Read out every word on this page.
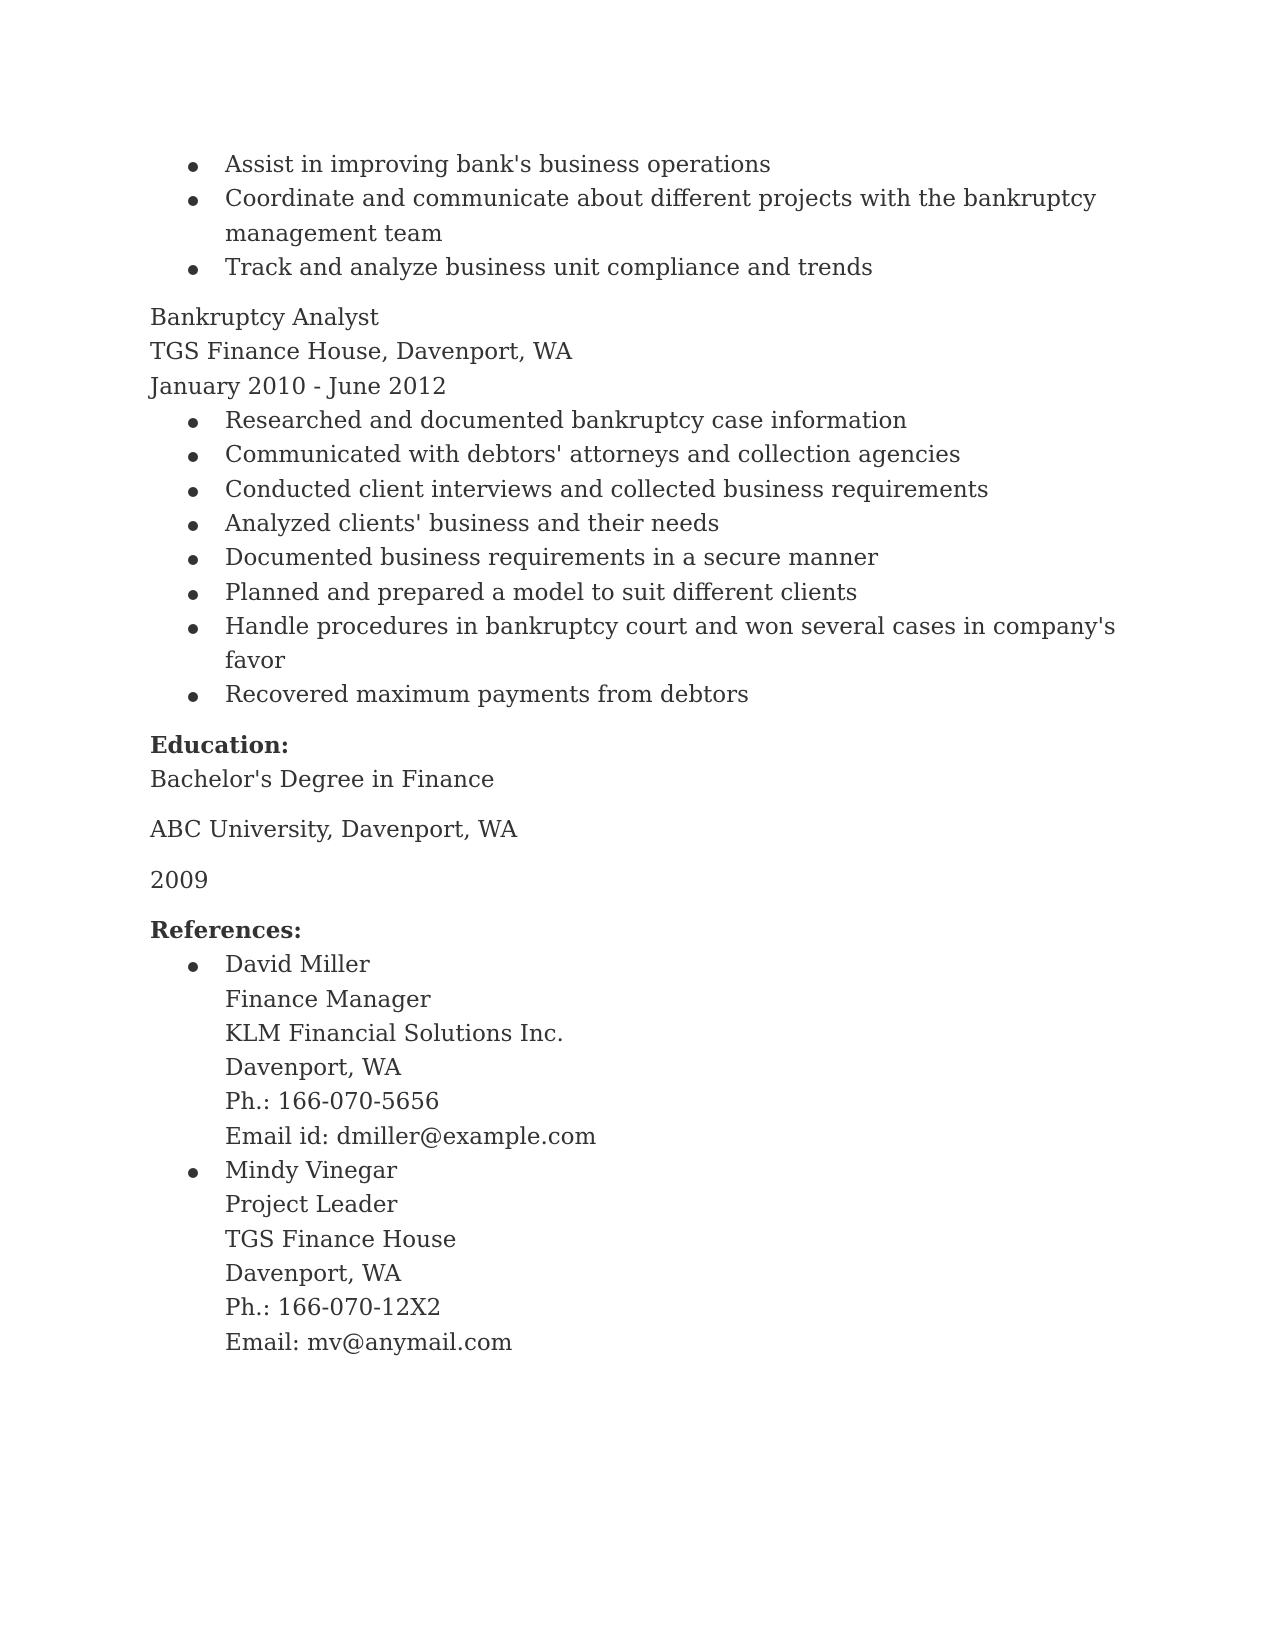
Assist in improving bank's business operations
Coordinate and communicate about different projects with the bankruptcy management team
Track and analyze business unit compliance and trends
Bankruptcy Analyst
TGS Finance House, Davenport, WA
January 2010 - June 2012
Researched and documented bankruptcy case information
Communicated with debtors' attorneys and collection agencies
Conducted client interviews and collected business requirements
Analyzed clients' business and their needs
Documented business requirements in a secure manner
Planned and prepared a model to suit different clients
Handle procedures in bankruptcy court and won several cases in company's favor
Recovered maximum payments from debtors
Education:
Bachelor's Degree in Finance
ABC University, Davenport, WA
2009
References:
David Miller
Finance Manager
KLM Financial Solutions Inc.
Davenport, WA
Ph.: 166-070-5656
Email id: dmiller@example.com
Mindy Vinegar
Project Leader
TGS Finance House
Davenport, WA
Ph.: 166-070-12X2
Email: mv@anymail.com
